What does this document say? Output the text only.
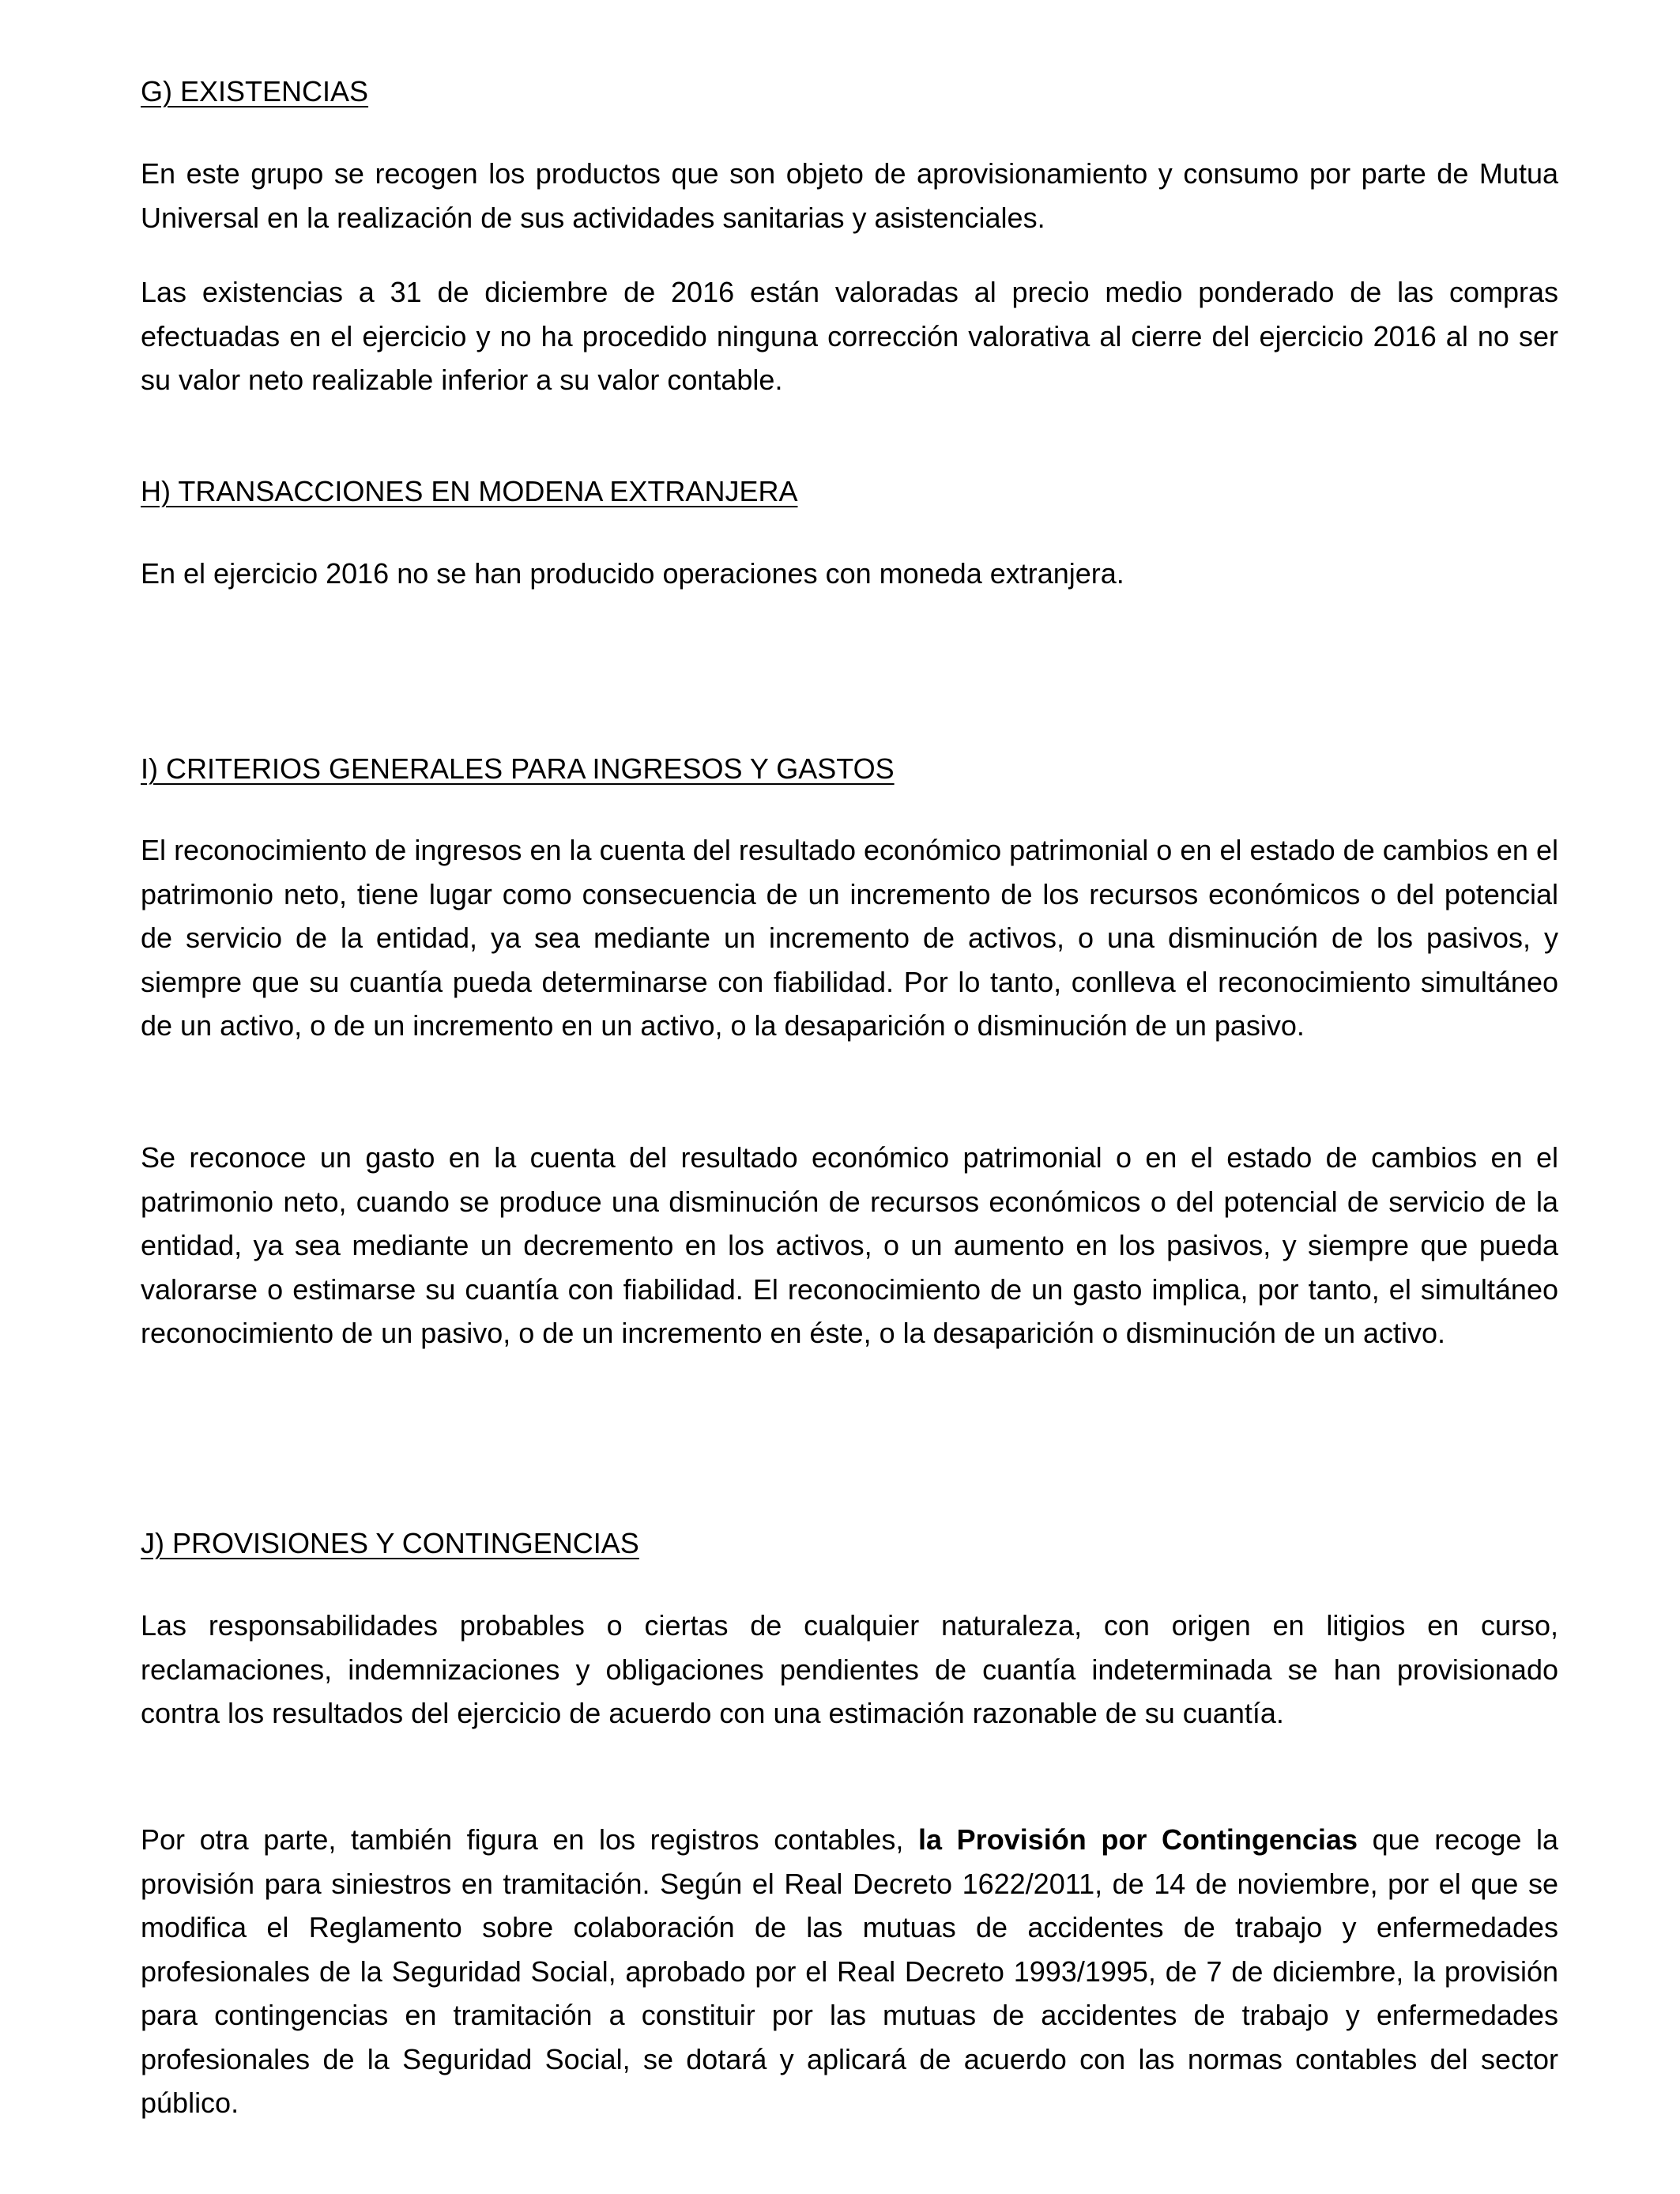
G) EXISTENCIAS

En este grupo se recogen los productos que son objeto de aprovisionamiento y consumo por parte de Mutua Universal en la realización de sus actividades sanitarias y asistenciales.

Las existencias a 31 de diciembre de 2016 están valoradas al precio medio ponderado de las compras efectuadas en el ejercicio y no ha procedido ninguna corrección valorativa al cierre del ejercicio 2016 al no ser su valor neto realizable inferior a su valor contable.

H) TRANSACCIONES EN MODENA EXTRANJERA

En el ejercicio 2016 no se han producido operaciones con moneda extranjera.

I) CRITERIOS GENERALES PARA INGRESOS Y GASTOS

El reconocimiento de ingresos en la cuenta del resultado económico patrimonial o en el estado de cambios en el patrimonio neto, tiene lugar como consecuencia de un incremento de los recursos económicos o del potencial de servicio de la entidad, ya sea mediante un incremento de activos, o una disminución de los pasivos, y siempre que su cuantía pueda determinarse con fiabilidad. Por lo tanto, conlleva el reconocimiento simultáneo de un activo, o de un incremento en un activo, o la desaparición o disminución de un pasivo.

Se reconoce un gasto en la cuenta del resultado económico patrimonial o en el estado de cambios en el patrimonio neto, cuando se produce una disminución de recursos económicos o del potencial de servicio de la entidad, ya sea mediante un decremento en los activos, o un aumento en los pasivos, y siempre que pueda valorarse o estimarse su cuantía con fiabilidad. El reconocimiento de un gasto implica, por tanto, el simultáneo reconocimiento de un pasivo, o de un incremento en éste, o la desaparición o disminución de un activo.

J) PROVISIONES Y CONTINGENCIAS

Las responsabilidades probables o ciertas de cualquier naturaleza, con origen en litigios en curso, reclamaciones, indemnizaciones y obligaciones pendientes de cuantía indeterminada se han provisionado contra los resultados del ejercicio de acuerdo con una estimación razonable de su cuantía.

Por otra parte, también figura en los registros contables, la Provisión por Contingencias que recoge la provisión para siniestros en tramitación. Según el Real Decreto 1622/2011, de 14 de noviembre, por el que se modifica el Reglamento sobre colaboración de las mutuas de accidentes de trabajo y enfermedades profesionales de la Seguridad Social, aprobado por el Real Decreto 1993/1995, de 7 de diciembre, la provisión para contingencias en tramitación a constituir por las mutuas de accidentes de trabajo y enfermedades profesionales de la Seguridad Social, se dotará y aplicará de acuerdo con las normas contables del sector público.
